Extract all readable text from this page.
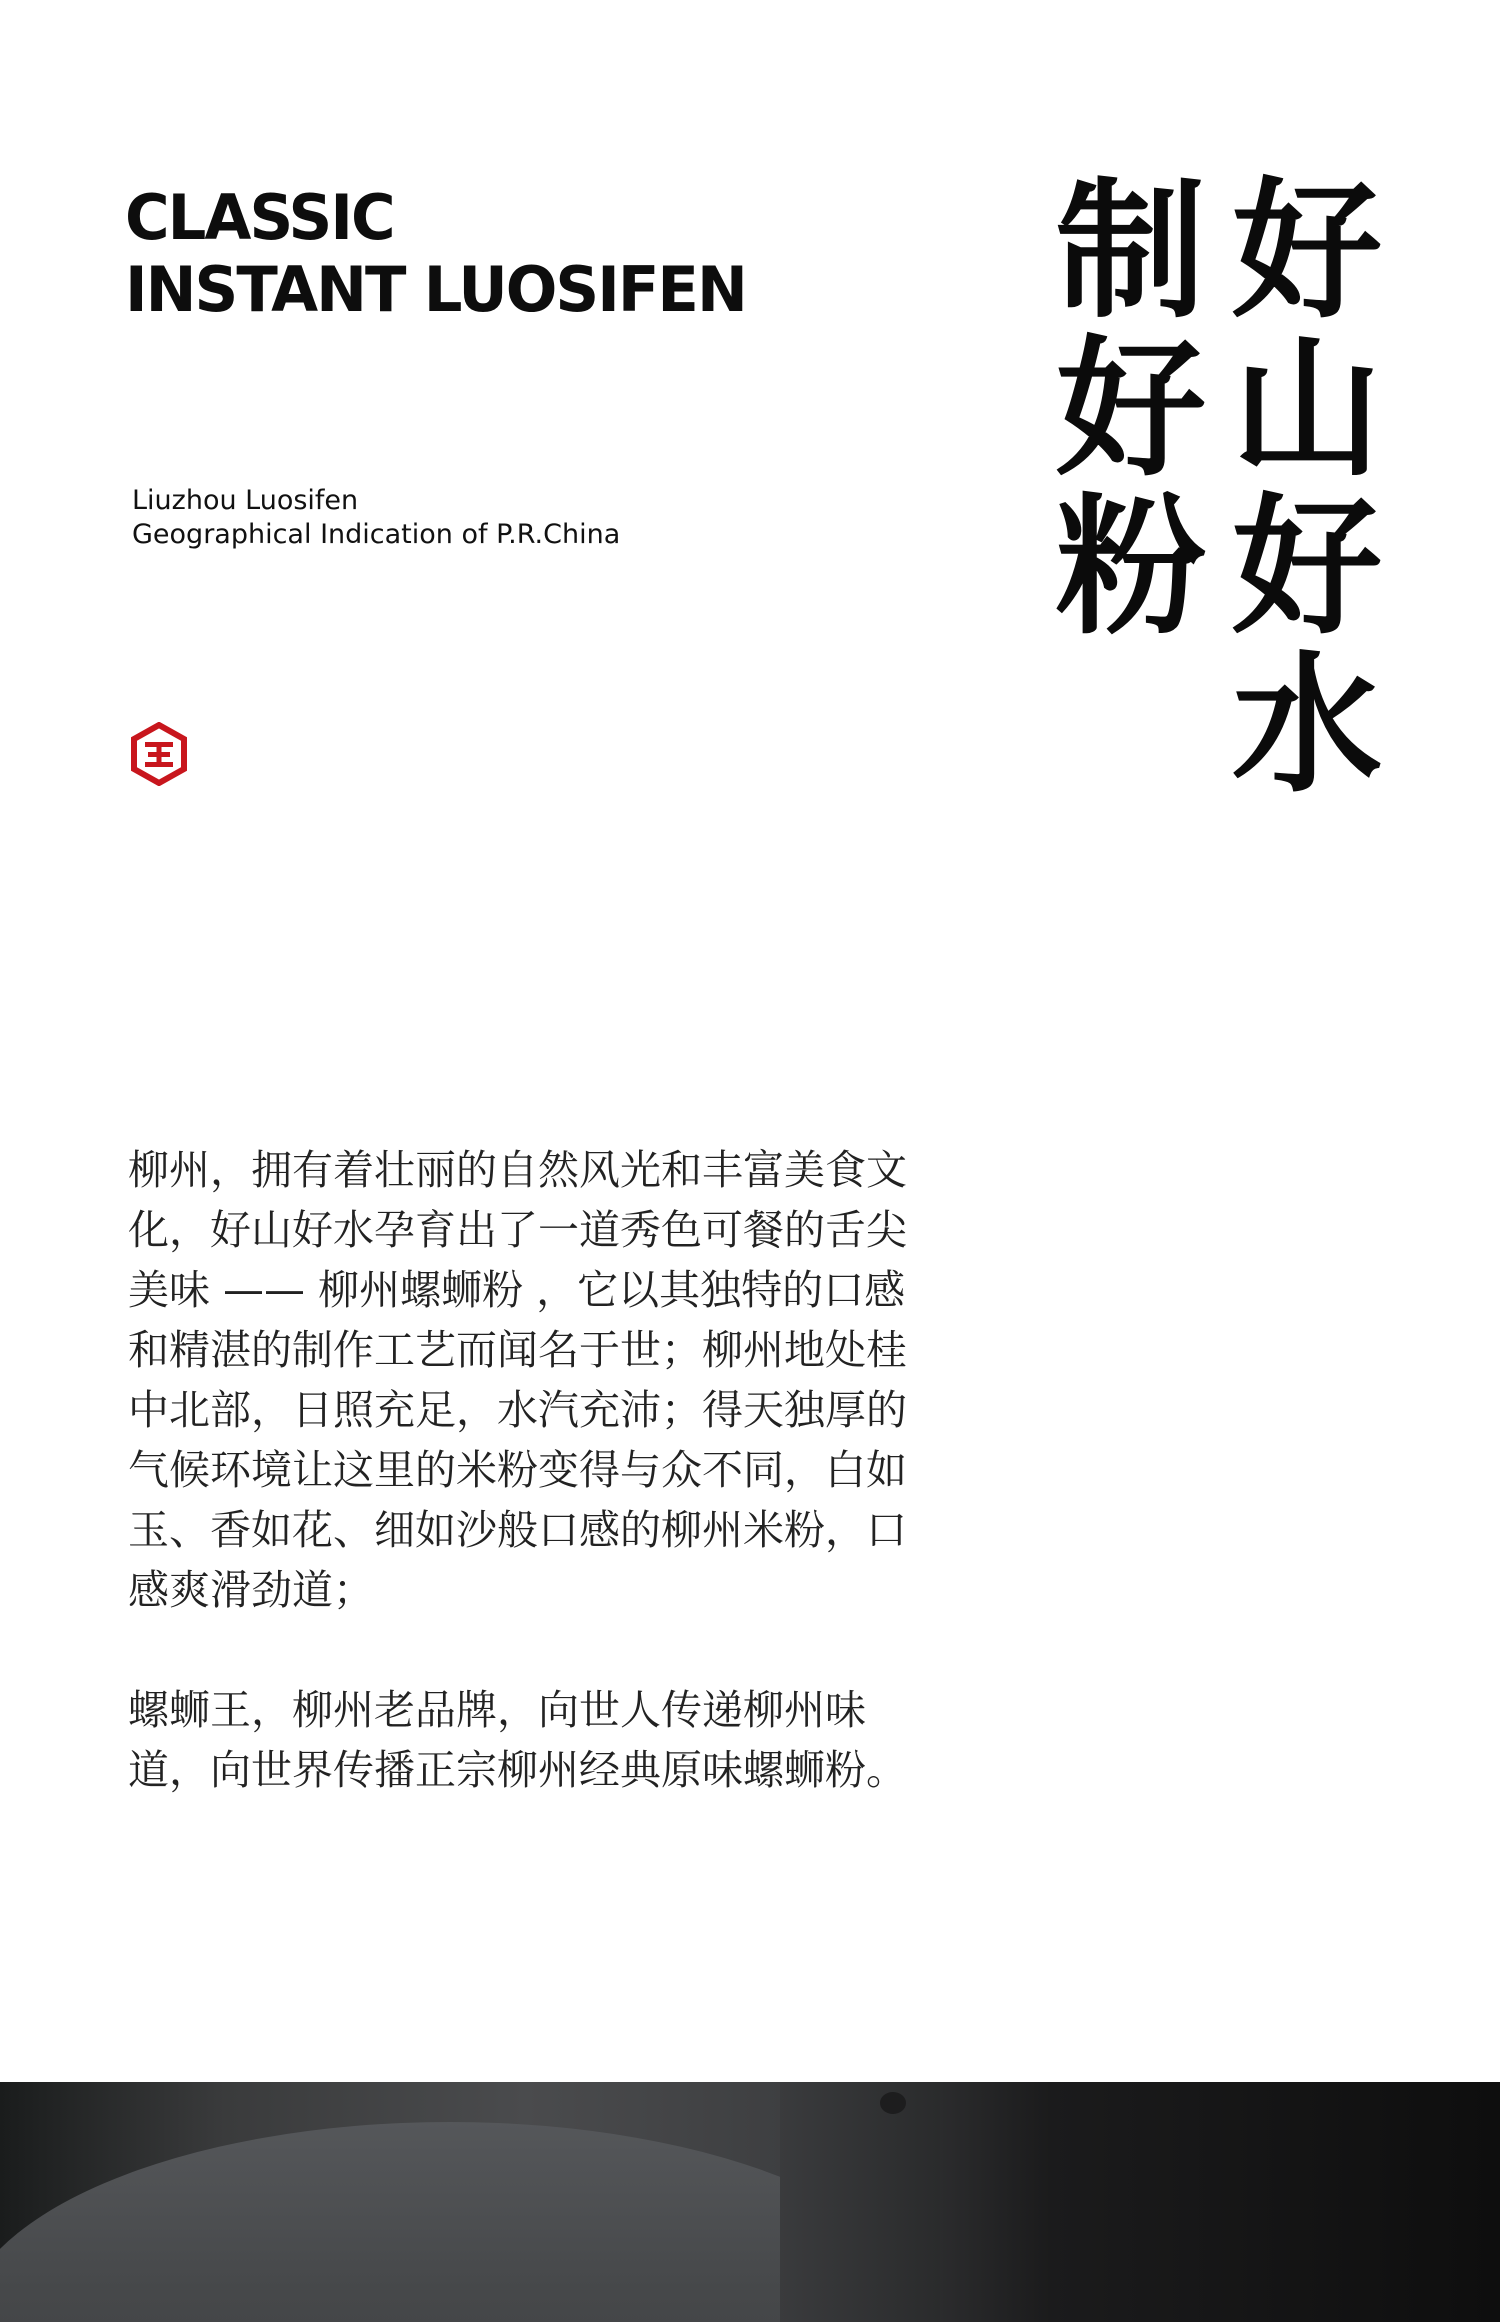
CLASSIC
INSTANT LUOSIFEN
Liuzhou Luosifen
Geographical Indication of P.R.China
好
山
好
水
制
好
粉

柳州，拥有着壮丽的自然风光和丰富美食文化，好山好水孕育出了一道秀色可餐的舌尖美味 —— 柳州螺蛳粉 ，它以其独特的口感和精湛的制作工艺而闻名于世；柳州地处桂中北部，日照充足，水汽充沛；得天独厚的气候环境让这里的米粉变得与众不同，白如玉、香如花、细如沙般口感的柳州米粉，口感爽滑劲道；

螺蛳王，柳州老品牌，向世人传递柳州味道，向世界传播正宗柳州经典原味螺蛳粉。
